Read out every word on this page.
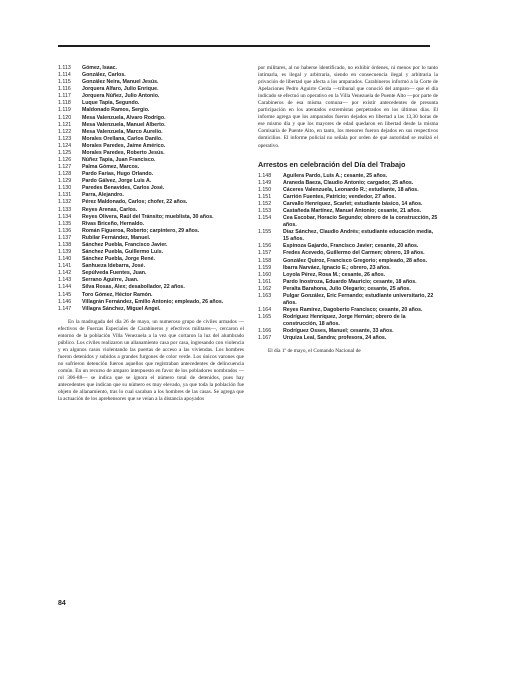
1.113	Gómez, Isaac.
1.114	González, Carlos.
1.115	González Neira, Manuel Jesús.
1.116	Jorquera Alfaro, Julio Enrique.
1.117	Jorquera Núñez, Julio Antonio.
1.118	Luque Tapia, Segundo.
1.119	Maldonado Ramos, Sergio.
1.120	Mesa Valenzuela, Alvaro Rodrigo.
1.121	Mesa Valenzuela, Manuel Alberto.
1.122	Mesa Valenzuela, Marco Aurelio.
1.123	Morales Orellana, Carlos Danilo.
1.124	Morales Paredes, Jaime Américo.
1.125	Morales Paredes, Roberto Jesús.
1.126	Núñez Tapia, Juan Francisco.
1.127	Palma Gómez, Marcos.
1.128	Pardo Farías, Hugo Orlando.
1.129	Pardo Gálvez, Jorge Luis A.
1.130	Paredes Benavides, Carlos José.
1.131	Parra, Alejandro.
1.132	Pérez Maldonado, Carlos; chofer, 22 años.
1.133	Reyes Arenas, Carlos.
1.134	Reyes Olivera, Raúl del Tránsito; mueblista, 30 años.
1.135	Rivas Briceño, Hernaldo.
1.136	Román Figueroa, Roberto; carpintero, 29 años.
1.137	Rubilar Fernández, Manuel.
1.138	Sánchez Puebla, Francisco Javier.
1.139	Sánchez Puebla, Guillermo Luis.
1.140	Sánchez Puebla, Jorge René.
1.141	Sanhueza Idebarra, José.
1.142	Sepúlveda Fuentes, Juan.
1.143	Serrano Aguirre, Juan.
1.144	Silva Rosas, Alex; desabollador, 22 años.
1.145	Toro Gómez, Héctor Ramón.
1.146	Villagrán Fernández, Emilio Antonio; empleado, 26 años.
1.147	Villagra Sánchez, Miguel Angel.

En la madrugada del día 26 de mayo, un numeroso grupo de civiles armados —efectivos de Fuerzas Especiales de Carabineros y efectivos militares—, cercaron el entorno de la población Villa Venezuela a la vez que cortaron la luz del alumbrado público. Los civiles realizaron un allanamiento casa por casa, ingresando con violencia y en algunos casos violentando las puertas de acceso a las viviendas. Los hombres fueron detenidos y subidos a grandes furgones de color verde. Los únicos varones que no sufrieron detención fueron aquellos que registraban antecedentes de delincuencia común. En un recurso de amparo interpuesto en favor de los pobladores nombrados —rol 306-88— se indica que se ignora el número total de detenidos, pues hay antecedentes que indican que su número es muy elevado, ya que toda la población fue objeto de allanamiento, tras lo cual sacaban a los hombres de las casas. Se agrega que la actuación de los aprehensores que se veían a la distancia apoyados

por militares, al no haberse identificado, no exhibir órdenes, ni menos por lo tanto intimarla, es ilegal y arbitraria, siendo en consecuencia ilegal y arbitraria la privación de libertad que afecta a los amparados. Carabineros informó a la Corte de Apelaciones Pedro Aguirre Cerda —tribunal que conoció del amparo— que el día indicado se efectuó un operativo en la Villa Venezuela de Puente Alto —por parte de Carabineros de esa misma comuna— por existir antecedentes de presunta participación en los atentados extremistas perpetrados en los últimos días. El informe agrega que los amparados fueron dejados en libertad a las 13,30 horas de ese mismo día y que los mayores de edad quedaron en libertad desde la misma Comisaría de Puente Alto, en tanto, los menores fueron dejados en sus respectivos domicilios. El informe policial no señala por orden de qué autoridad se realizó el operativo.

Arrestos en celebración del Día del Trabajo
1.148	Aguilera Pardo, Luis A.; cesante, 25 años.
1.149	Araneda Baeza, Claudio Antonio; cargador, 25 años.
1.150	Cáceres Valenzuela, Leonardo R.; estudiante, 18 años.
1.151	Carrión Fuentes, Patricio; vendedor, 27 años.
1.152	Carvallo Henríquez, Scarlet; estudiante básico, 14 años.
1.153	Castañeda Martínez, Manuel Antonio; cesante, 21 años.
1.154	Cea Escobar, Horacio Segundo; obrero de la construcción, 25 años.
1.155	Díaz Sánchez, Claudio Andrés; estudiante educación media, 15 años.
1.156	Espinoza Gajardo, Francisco Javier; cesante, 20 años.
1.157	Fredes Acevedo, Guillermo del Carmen; obrero, 19 años.
1.158	González Quiroz, Francisco Gregorio; empleado, 28 años.
1.159	Ibarra Narváez, Ignacio E.; obrero, 23 años.
1.160	Loyola Pérez, Rosa M.; cesante, 26 años.
1.161	Pardo Inostroza, Eduardo Mauricio; cesante, 18 años.
1.162	Peralta Barahona, Julio Olegario; cesante, 25 años.
1.163	Pulgar González, Eric Fernando; estudiante universitario, 22 años.
1.164	Reyes Ramírez, Dagoberto Francisco; cesante, 20 años.
1.165	Rodríguez Henríquez, Jorge Hernán; obrero de la construcción, 18 años.
1.166	Rodríguez Osses, Manuel; cesante, 33 años.
1.167	Urquiza Leal, Sandra; profesora, 24 años.

El día 1º de mayo, el Comando Nacional de

84
